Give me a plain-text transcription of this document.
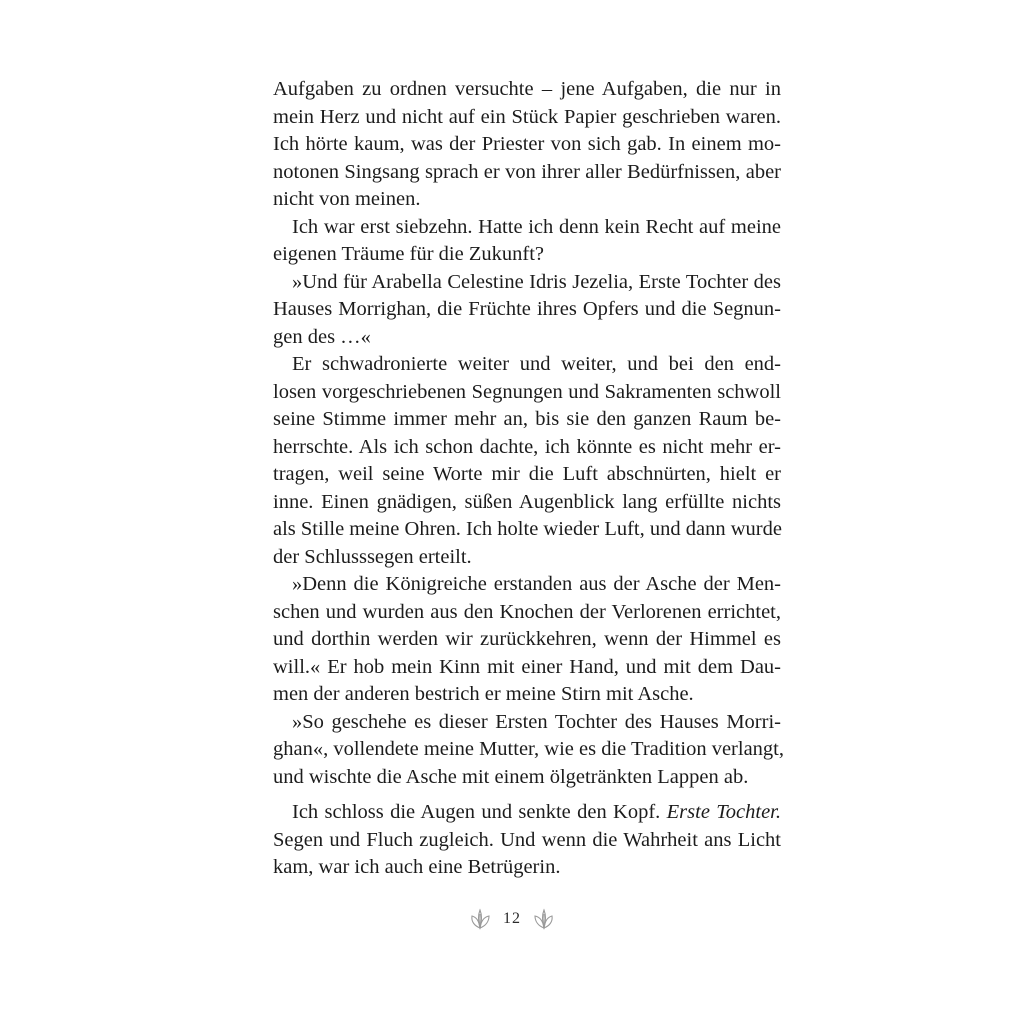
Aufgaben zu ordnen versuchte – jene Aufgaben, die nur in
mein Herz und nicht auf ein Stück Papier geschrieben waren.
Ich hörte kaum, was der Priester von sich gab. In einem mo-
notonen Singsang sprach er von ihrer aller Bedürfnissen, aber
nicht von meinen.
Ich war erst siebzehn. Hatte ich denn kein Recht auf meine
eigenen Träume für die Zukunft?
»Und für Arabella Celestine Idris Jezelia, Erste Tochter des
Hauses Morrighan, die Früchte ihres Opfers und die Segnun-
gen des …«
Er schwadronierte weiter und weiter, und bei den end-
losen vorgeschriebenen Segnungen und Sakramenten schwoll
seine Stimme immer mehr an, bis sie den ganzen Raum be-
herrschte. Als ich schon dachte, ich könnte es nicht mehr er-
tragen, weil seine Worte mir die Luft abschnürten, hielt er
inne. Einen gnädigen, süßen Augenblick lang erfüllte nichts
als Stille meine Ohren. Ich holte wieder Luft, und dann wurde
der Schlusssegen erteilt.
»Denn die Königreiche erstanden aus der Asche der Men-
schen und wurden aus den Knochen der Verlorenen errichtet,
und dorthin werden wir zurückkehren, wenn der Himmel es
will.« Er hob mein Kinn mit einer Hand, und mit dem Dau-
men der anderen bestrich er meine Stirn mit Asche.
»So geschehe es dieser Ersten Tochter des Hauses Morri-
ghan«, vollendete meine Mutter, wie es die Tradition verlangt,
und wischte die Asche mit einem ölgetränkten Lappen ab.
Ich schloss die Augen und senkte den Kopf. Erste Tochter.
Segen und Fluch zugleich. Und wenn die Wahrheit ans Licht
kam, war ich auch eine Betrügerin.
12
